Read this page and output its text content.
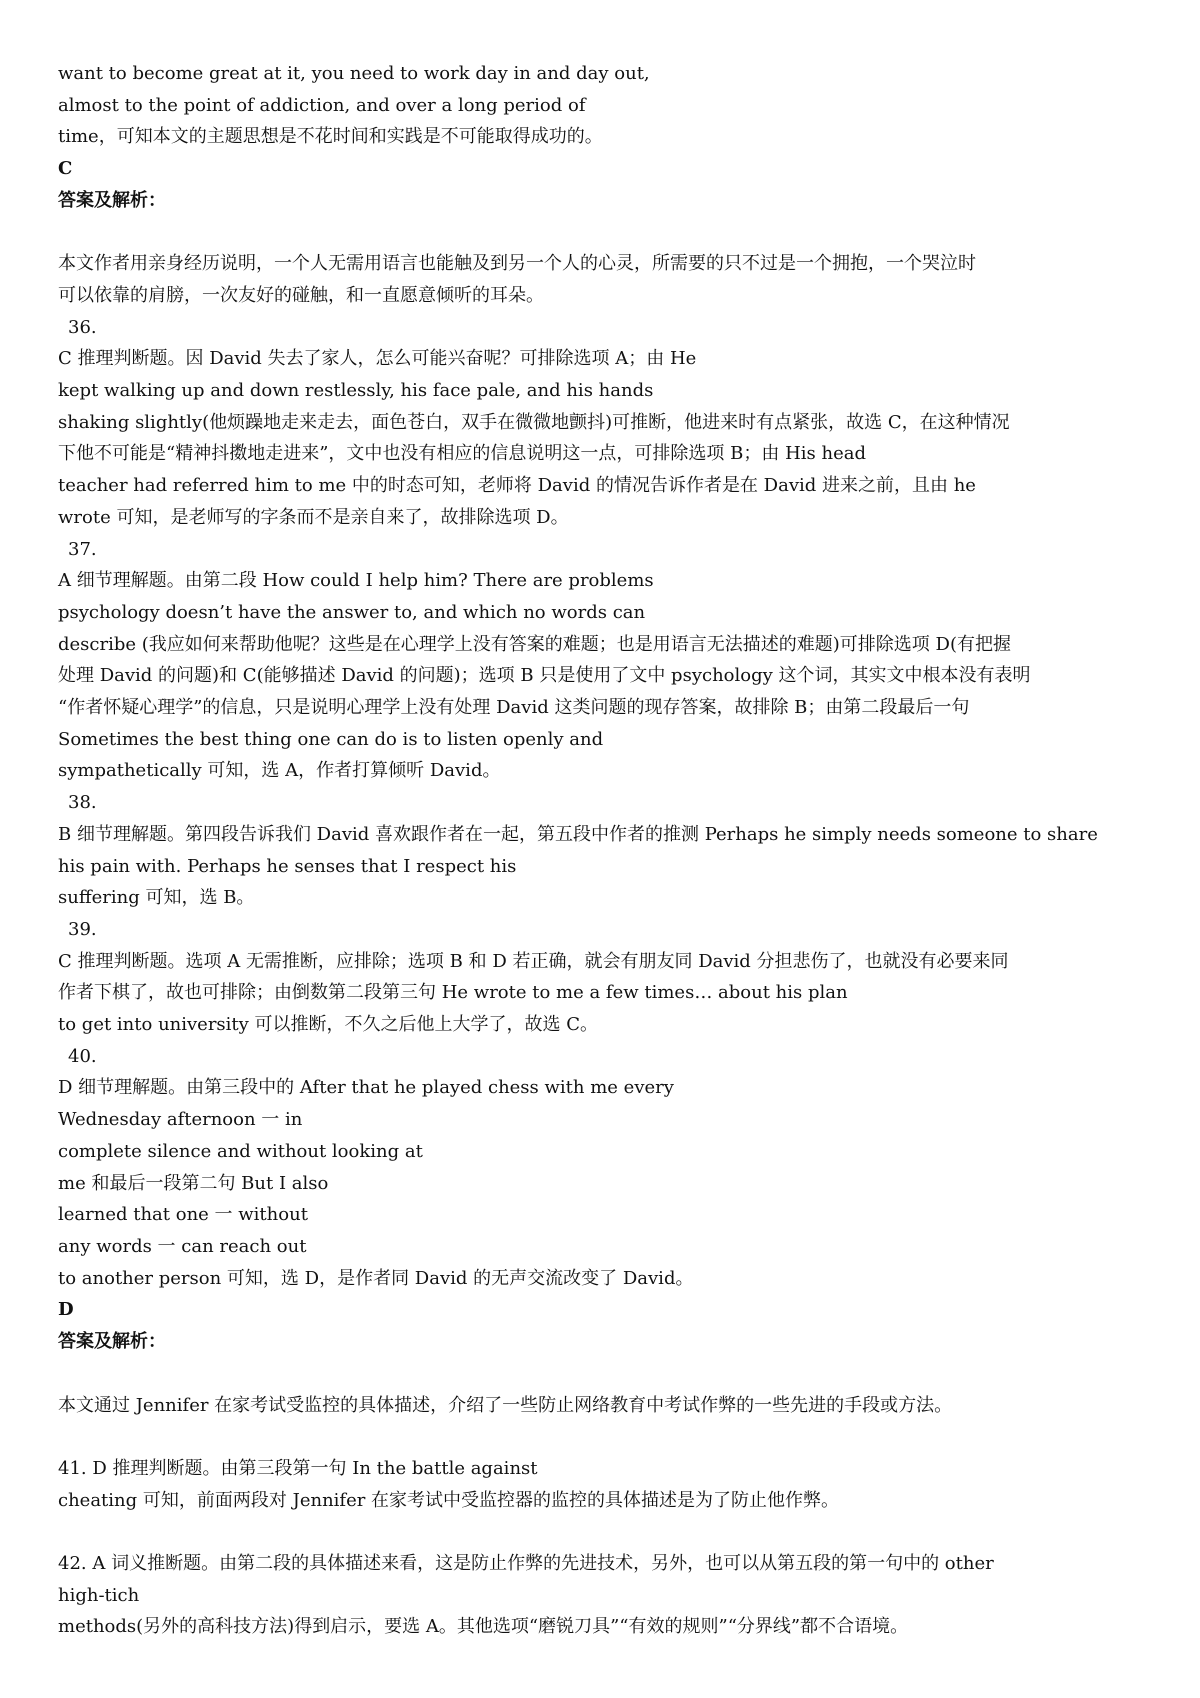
want to become great at it, you need to work day in and day out,
almost to the point of addiction, and over a long period of
time，可知本文的主题思想是不花时间和实践是不可能取得成功的。
C
答案及解析：
本文作者用亲身经历说明，一个人无需用语言也能触及到另一个人的心灵，所需要的只不过是一个拥抱，一个哭泣时
可以依靠的肩膀，一次友好的碰触，和一直愿意倾听的耳朵。
36.
C 推理判断题。因 David 失去了家人，怎么可能兴奋呢？可排除选项 A；由 He
kept walking up and down restlessly, his face pale, and his hands
shaking slightly(他烦躁地走来走去，面色苍白，双手在微微地颤抖)可推断，他进来时有点紧张，故选 C，在这种情况
下他不可能是“精神抖擞地走进来”，文中也没有相应的信息说明这一点，可排除选项 B；由 His head
teacher had referred him to me 中的时态可知，老师将 David 的情况告诉作者是在 David 进来之前，且由 he
wrote 可知，是老师写的字条而不是亲自来了，故排除选项 D。
37.
A 细节理解题。由第二段 How could I help him? There are problems
psychology doesn’t have the answer to, and which no words can
describe (我应如何来帮助他呢？这些是在心理学上没有答案的难题；也是用语言无法描述的难题)可排除选项 D(有把握
处理 David 的问题)和 C(能够描述 David 的问题)；选项 B 只是使用了文中 psychology 这个词，其实文中根本没有表明
“作者怀疑心理学”的信息，只是说明心理学上没有处理 David 这类问题的现存答案，故排除 B；由第二段最后一句
Sometimes the best thing one can do is to listen openly and
sympathetically 可知，选 A，作者打算倾听 David。
38.
B 细节理解题。第四段告诉我们 David 喜欢跟作者在一起，第五段中作者的推测 Perhaps he simply needs someone to share
his pain with. Perhaps he senses that I respect his
suffering 可知，选 B。
39.
C 推理判断题。选项 A 无需推断，应排除；选项 B 和 D 若正确，就会有朋友同 David 分担悲伤了，也就没有必要来同
作者下棋了，故也可排除；由倒数第二段第三句 He wrote to me a few times… about his plan
to get into university 可以推断，不久之后他上大学了，故选 C。
40.
D 细节理解题。由第三段中的 After that he played chess with me every
Wednesday afternoon 一 in
complete silence and without looking at
me 和最后一段第二句 But I also
learned that one 一 without
any words 一 can reach out
to another person 可知，选 D，是作者同 David 的无声交流改变了 David。
D
答案及解析：
本文通过 Jennifer 在家考试受监控的具体描述，介绍了一些防止网络教育中考试作弊的一些先进的手段或方法。
41. D 推理判断题。由第三段第一句 In the battle against
cheating 可知，前面两段对 Jennifer 在家考试中受监控器的监控的具体描述是为了防止他作弊。
42. A 词义推断题。由第二段的具体描述来看，这是防止作弊的先进技术，另外，也可以从第五段的第一句中的 other
high-tich
methods(另外的高科技方法)得到启示，要选 A。其他选项“磨锐刀具”“有效的规则”“分界线”都不合语境。
